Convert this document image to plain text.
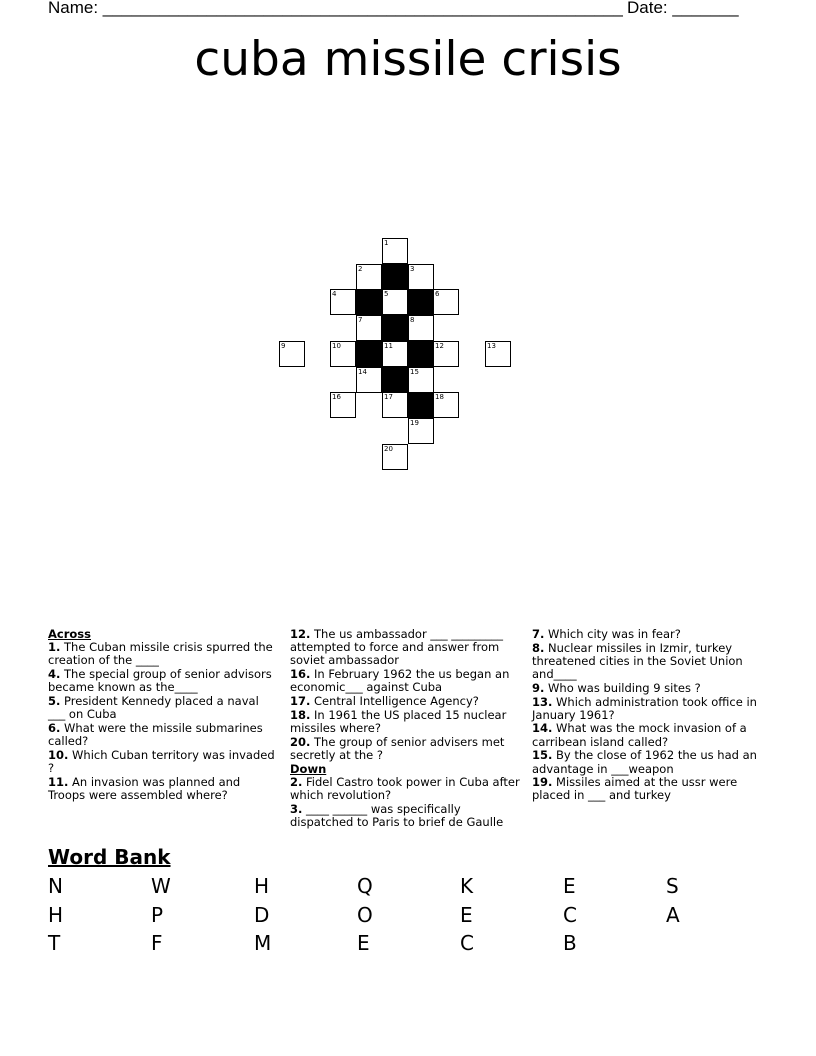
Name: _______________________________________________________ Date: _______
cuba missile crisis
1
2	3
4	5	6
7	8
9	10	11	12	13
14	15
16	17	18
19
20
Across
1. The Cuban missile crisis spurred the creation of the ____
4. The special group of senior advisors became known as the____
5. President Kennedy placed a naval ___ on Cuba
6. What were the missile submarines called?
10. Which Cuban territory was invaded ?
11. An invasion was planned and Troops were assembled where?
12. The us ambassador ___ _________ attempted to force and answer from soviet ambassador
16. In February 1962 the us began an economic___ against Cuba
17. Central Intelligence Agency?
18. In 1961 the US placed 15 nuclear missiles where?
20. The group of senior advisers met secretly at the ?
Down
2. Fidel Castro took power in Cuba after which revolution?
3. ____ ______ was specifically dispatched to Paris to brief de Gaulle
7. Which city was in fear?
8. Nuclear missiles in Izmir, turkey threatened cities in the Soviet Union and____
9. Who was building 9 sites ?
13. Which administration took office in January 1961?
14. What was the mock invasion of a carribean island called?
15. By the close of 1962 the us had an advantage in ___weapon
19. Missiles aimed at the ussr were placed in ___ and turkey
Word Bank
N	W	H	Q	K	E	S
H	P	D	O	E	C	A
T	F	M	E	C	B
